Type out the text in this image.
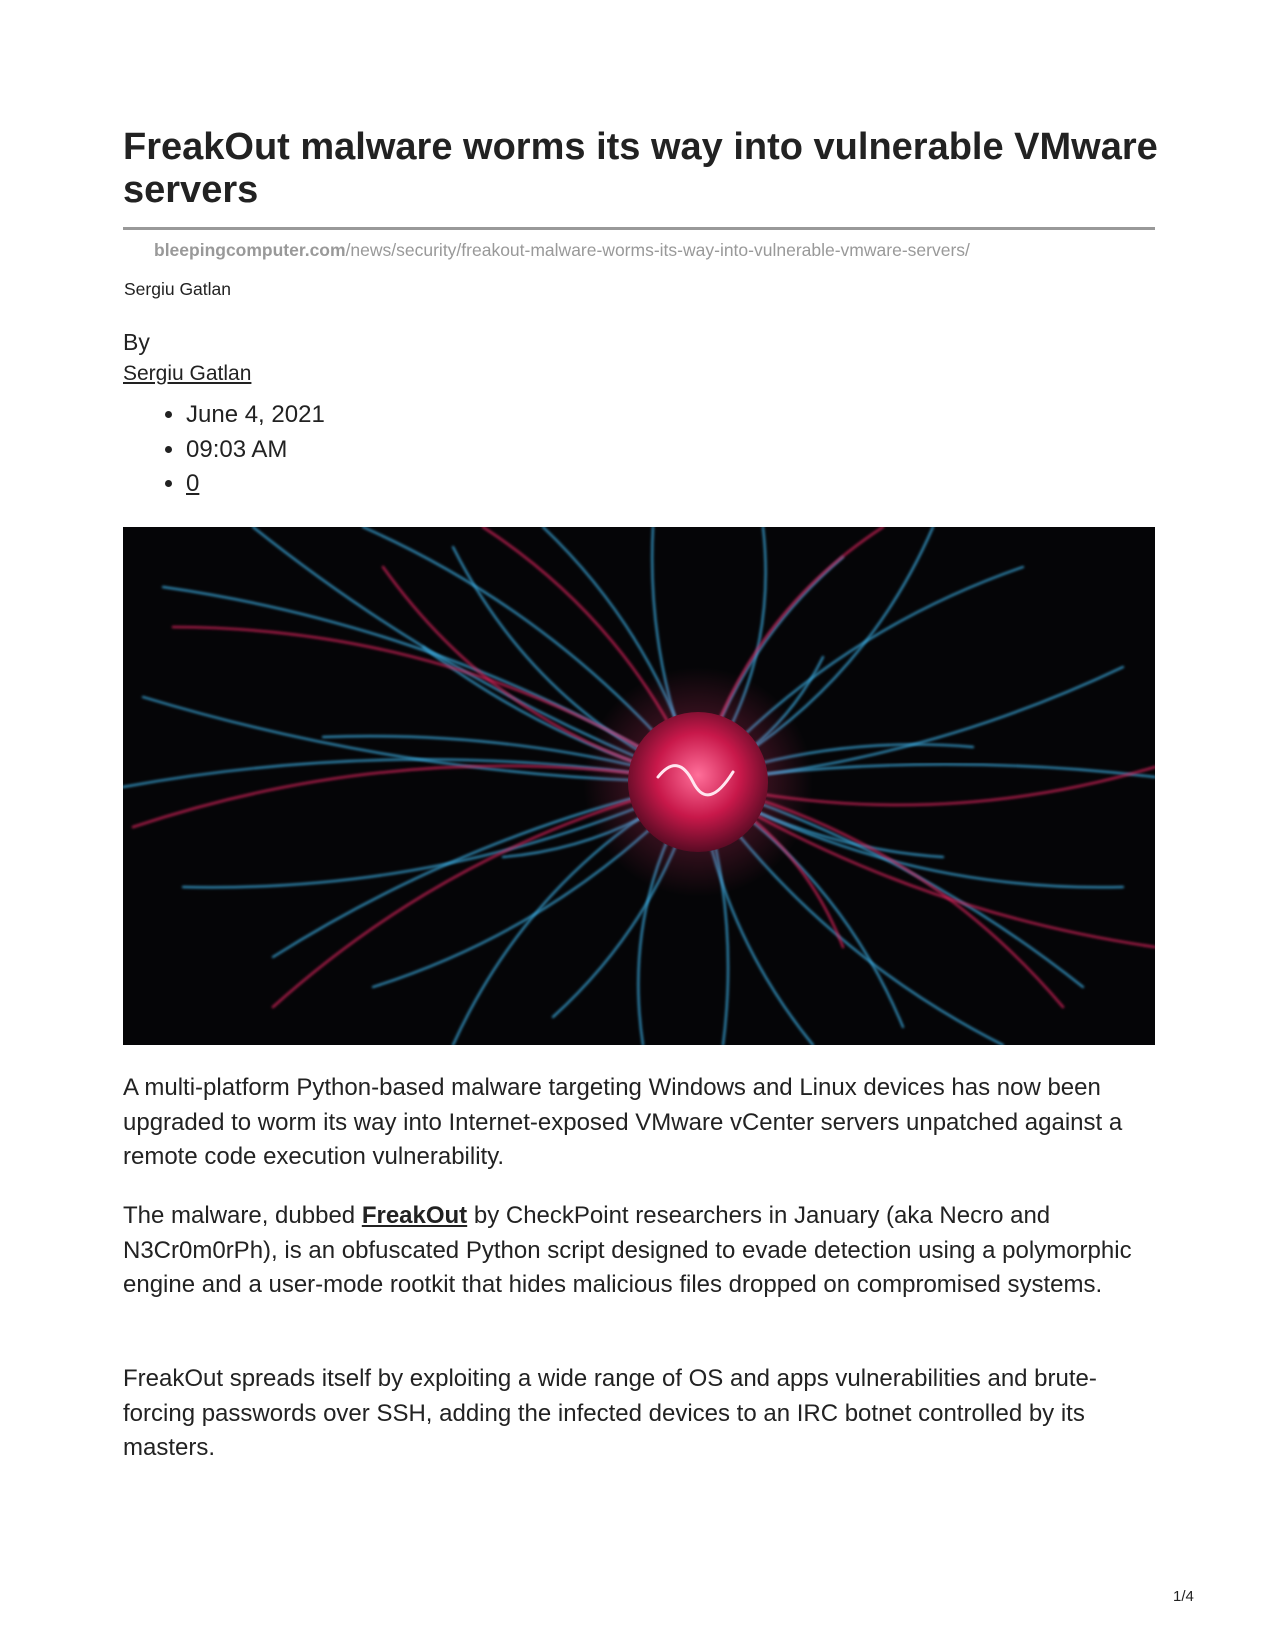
FreakOut malware worms its way into vulnerable VMware servers
bleepingcomputer.com/news/security/freakout-malware-worms-its-way-into-vulnerable-vmware-servers/
Sergiu Gatlan
By
Sergiu Gatlan
• June 4, 2021
• 09:03 AM
• 0

A multi-platform Python-based malware targeting Windows and Linux devices has now been upgraded to worm its way into Internet-exposed VMware vCenter servers unpatched against a remote code execution vulnerability.

The malware, dubbed FreakOut by CheckPoint researchers in January (aka Necro and N3Cr0m0rPh), is an obfuscated Python script designed to evade detection using a polymorphic engine and a user-mode rootkit that hides malicious files dropped on compromised systems.

FreakOut spreads itself by exploiting a wide range of OS and apps vulnerabilities and brute-forcing passwords over SSH, adding the infected devices to an IRC botnet controlled by its masters.

1/4
